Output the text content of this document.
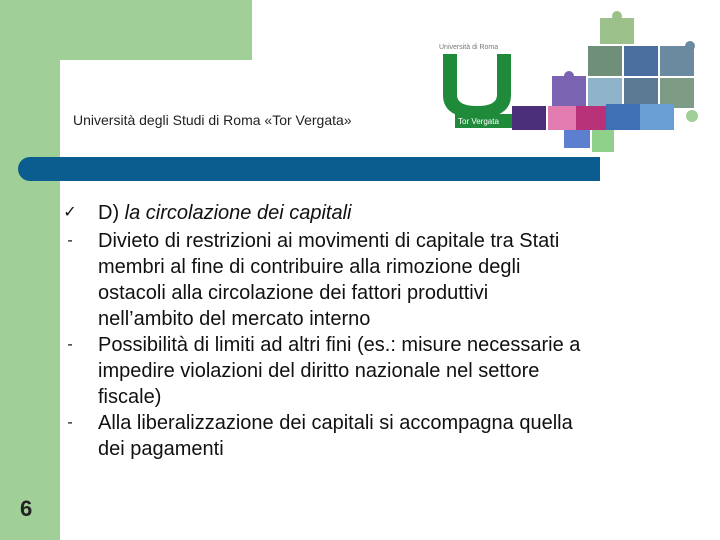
Università degli Studi di Roma «Tor Vergata»
Università di Roma
Tor Vergata
✓ D) la circolazione dei capitali
-	Divieto di restrizioni ai movimenti di capitale tra Stati
membri al fine di contribuire alla rimozione degli
ostacoli alla circolazione dei fattori produttivi
nell’ambito del mercato interno
-	Possibilità di limiti ad altri fini (es.: misure necessarie a
impedire violazioni del diritto nazionale nel settore
fiscale)
-	Alla liberalizzazione dei capitali si accompagna quella
dei pagamenti
6
